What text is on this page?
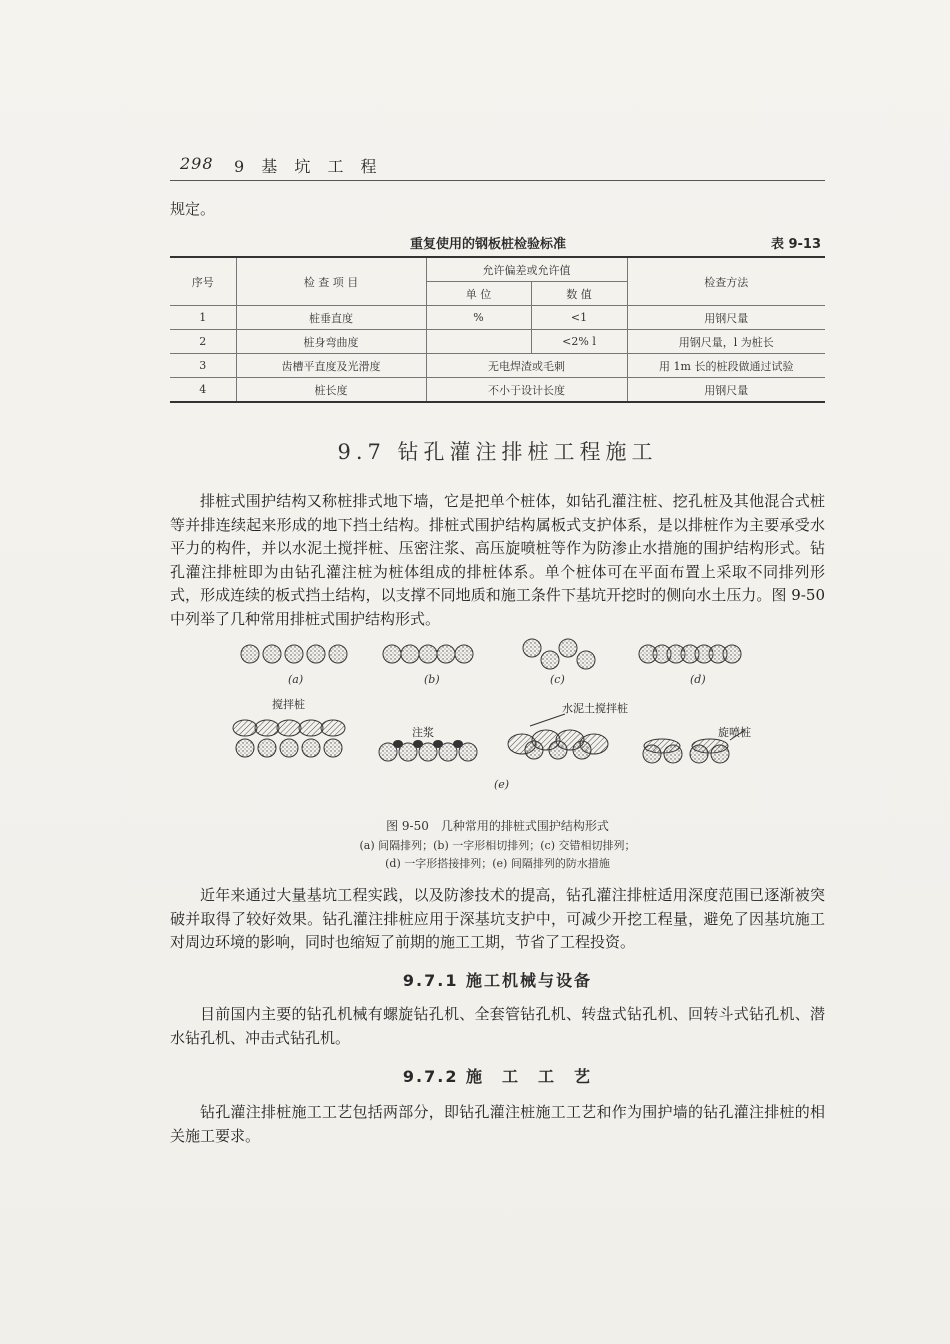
298 9 基 坑 工 程
规定。
重复使用的钢板桩检验标准	表 9-13
序号	检 查 项 目	允许偏差或允许值		检查方法
		单 位	数 值	
1	桩垂直度	%	<1	用钢尺量
2	桩身弯曲度		<2% l	用钢尺量，l 为桩长
3	齿槽平直度及光滑度	无电焊渣或毛刺		用 1m 长的桩段做通过试验
4	桩长度	不小于设计长度		用钢尺量
9.7 钻孔灌注排桩工程施工

排桩式围护结构又称桩排式地下墙，它是把单个桩体，如钻孔灌注桩、挖孔桩及其他混合式桩等并排连续起来形成的地下挡土结构。排桩式围护结构属板式支护体系，是以排桩作为主要承受水平力的构件，并以水泥土搅拌桩、压密注浆、高压旋喷桩等作为防渗止水措施的围护结构形式。钻孔灌注排桩即为由钻孔灌注桩为桩体组成的排桩体系。单个桩体可在平面布置上采取不同排列形式，形成连续的板式挡土结构，以支撑不同地质和施工条件下基坑开挖时的侧向水土压力。图 9-50 中列举了几种常用排桩式围护结构形式。

(a)	(b)	(c)	(d)
搅拌桩
注浆
水泥土搅拌桩
旋喷桩
(e)
图 9-50　几种常用的排桩式围护结构形式
(a) 间隔排列；(b) 一字形相切排列；(c) 交错相切排列；
(d) 一字形搭接排列；(e) 间隔排列的防水措施

近年来通过大量基坑工程实践，以及防渗技术的提高，钻孔灌注排桩适用深度范围已逐渐被突破并取得了较好效果。钻孔灌注排桩应用于深基坑支护中，可减少开挖工程量，避免了因基坑施工对周边环境的影响，同时也缩短了前期的施工工期，节省了工程投资。

9.7.1 施工机械与设备

目前国内主要的钻孔机械有螺旋钻孔机、全套管钻孔机、转盘式钻孔机、回转斗式钻孔机、潜水钻孔机、冲击式钻孔机。

9.7.2 施　工　工　艺

钻孔灌注排桩施工工艺包括两部分，即钻孔灌注桩施工工艺和作为围护墙的钻孔灌注排桩的相关施工要求。
